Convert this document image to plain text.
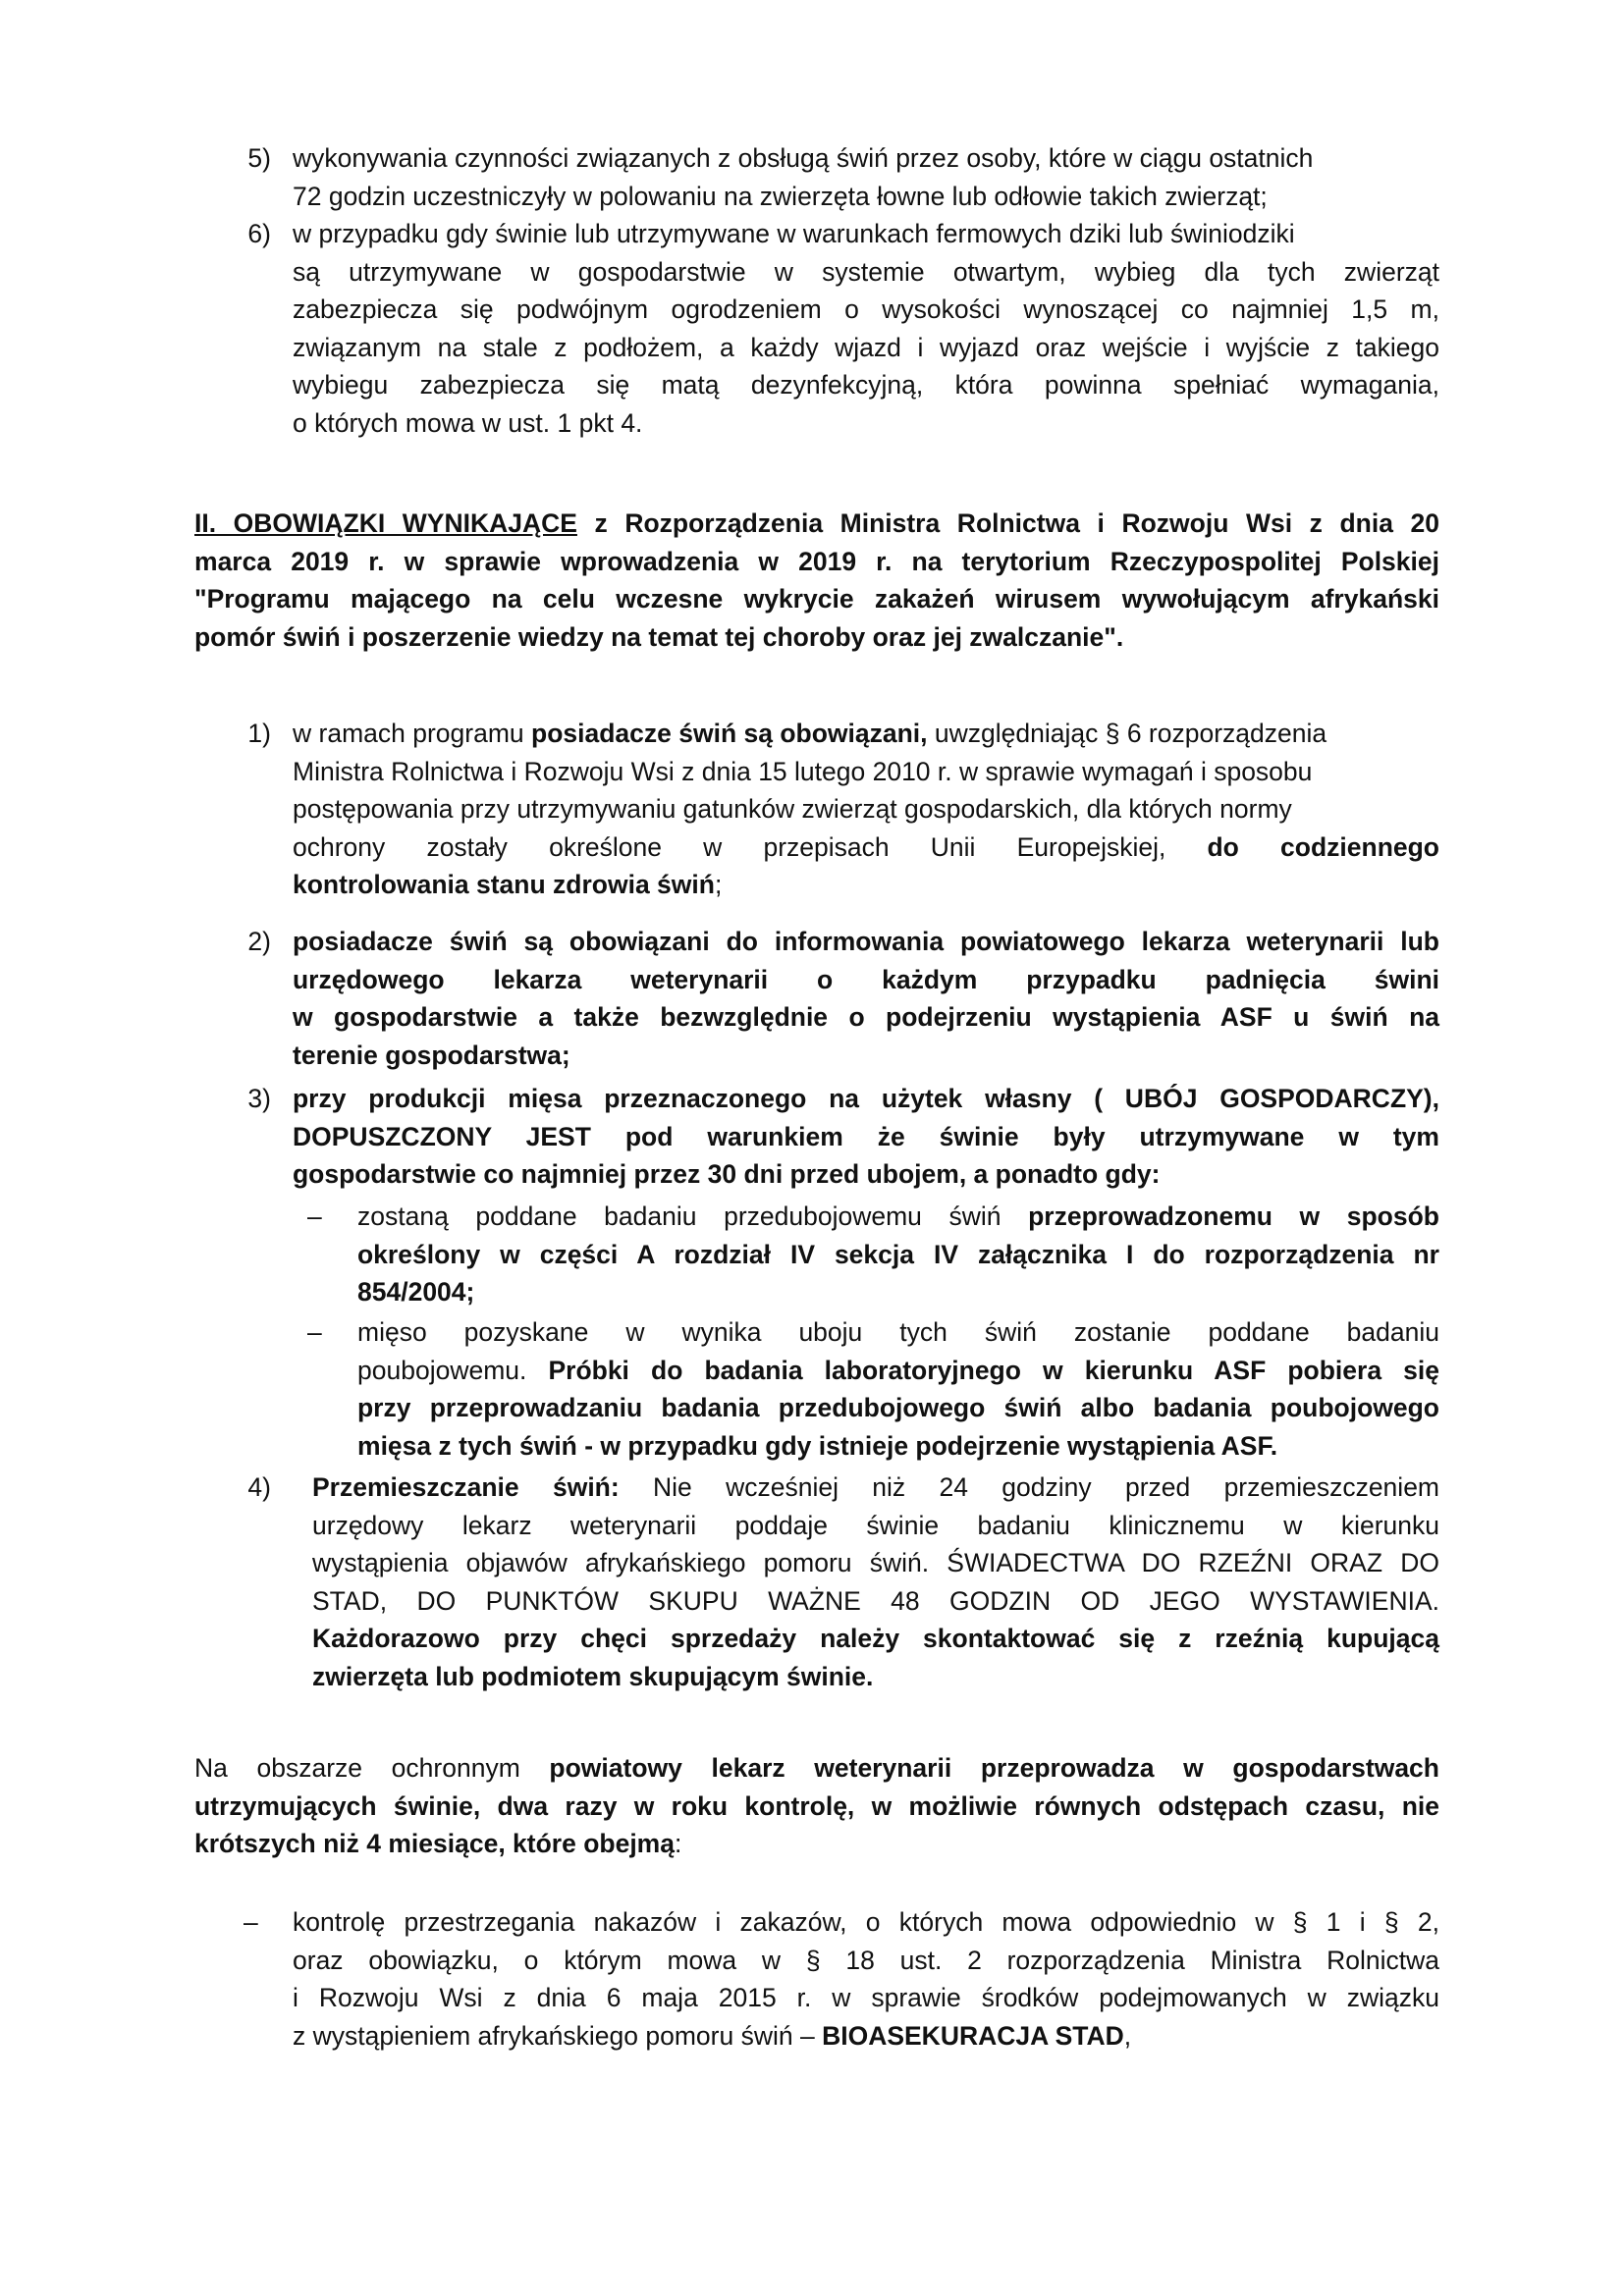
5) wykonywania czynności związanych z obsługą świń przez osoby, które w ciągu ostatnich
72 godzin uczestniczyły w polowaniu na zwierzęta łowne lub odłowie takich zwierząt;
6) w przypadku gdy świnie lub utrzymywane w warunkach fermowych dziki lub świniodziki
są utrzymywane w gospodarstwie w systemie otwartym, wybieg dla tych zwierząt
zabezpiecza się podwójnym ogrodzeniem o wysokości wynoszącej co najmniej 1,5 m,
związanym na stale z podłożem, a każdy wjazd i wyjazd oraz wejście i wyjście z takiego
wybiegu zabezpiecza się matą dezynfekcyjną, która powinna spełniać wymagania,
o których mowa w ust. 1 pkt 4.
II. OBOWIĄZKI WYNIKAJĄCE z Rozporządzenia Ministra Rolnictwa i Rozwoju Wsi z dnia 20
marca 2019 r. w sprawie wprowadzenia w 2019 r. na terytorium Rzeczypospolitej Polskiej
"Programu mającego na celu wczesne wykrycie zakażeń wirusem wywołującym afrykański
pomór świń i poszerzenie wiedzy na temat tej choroby oraz jej zwalczanie".
1) w ramach programu posiadacze świń są obowiązani, uwzględniając § 6 rozporządzenia
Ministra Rolnictwa i Rozwoju Wsi z dnia 15 lutego 2010 r. w sprawie wymagań i sposobu
postępowania przy utrzymywaniu gatunków zwierząt gospodarskich, dla których normy
ochrony zostały określone w przepisach Unii Europejskiej, do codziennego
kontrolowania stanu zdrowia świń;
2) posiadacze świń są obowiązani do informowania powiatowego lekarza weterynarii lub
urzędowego lekarza weterynarii o każdym przypadku padnięcia świni
w gospodarstwie a także bezwzględnie o podejrzeniu wystąpienia ASF u świń na
terenie gospodarstwa;
3) przy produkcji mięsa przeznaczonego na użytek własny ( UBÓJ GOSPODARCZY),
DOPUSZCZONY JEST pod warunkiem że świnie były utrzymywane w tym
gospodarstwie co najmniej przez 30 dni przed ubojem, a ponadto gdy:
– zostaną poddane badaniu przedubojowemu świń przeprowadzonemu w sposób
określony w części A rozdział IV sekcja IV załącznika I do rozporządzenia nr
854/2004;
– mięso pozyskane w wynika uboju tych świń zostanie poddane badaniu
poubojowemu. Próbki do badania laboratoryjnego w kierunku ASF pobiera się
przy przeprowadzaniu badania przedubojowego świń albo badania poubojowego
mięsa z tych świń - w przypadku gdy istnieje podejrzenie wystąpienia ASF.
4) Przemieszczanie świń: Nie wcześniej niż 24 godziny przed przemieszczeniem
urzędowy lekarz weterynarii poddaje świnie badaniu klinicznemu w kierunku
wystąpienia objawów afrykańskiego pomoru świń. ŚWIADECTWA DO RZEŹNI ORAZ DO
STAD, DO PUNKTÓW SKUPU WAŻNE 48 GODZIN OD JEGO WYSTAWIENIA.
Każdorazowo przy chęci sprzedaży należy skontaktować się z rzeźnią kupującą
zwierzęta lub podmiotem skupującym świnie.
Na obszarze ochronnym powiatowy lekarz weterynarii przeprowadza w gospodarstwach
utrzymujących świnie, dwa razy w roku kontrolę, w możliwie równych odstępach czasu, nie
krótszych niż 4 miesiące, które obejmą:
– kontrolę przestrzegania nakazów i zakazów, o których mowa odpowiednio w § 1 i § 2,
oraz obowiązku, o którym mowa w § 18 ust. 2 rozporządzenia Ministra Rolnictwa
i Rozwoju Wsi z dnia 6 maja 2015 r. w sprawie środków podejmowanych w związku
z wystąpieniem afrykańskiego pomoru świń – BIOASEKURACJA STAD,
